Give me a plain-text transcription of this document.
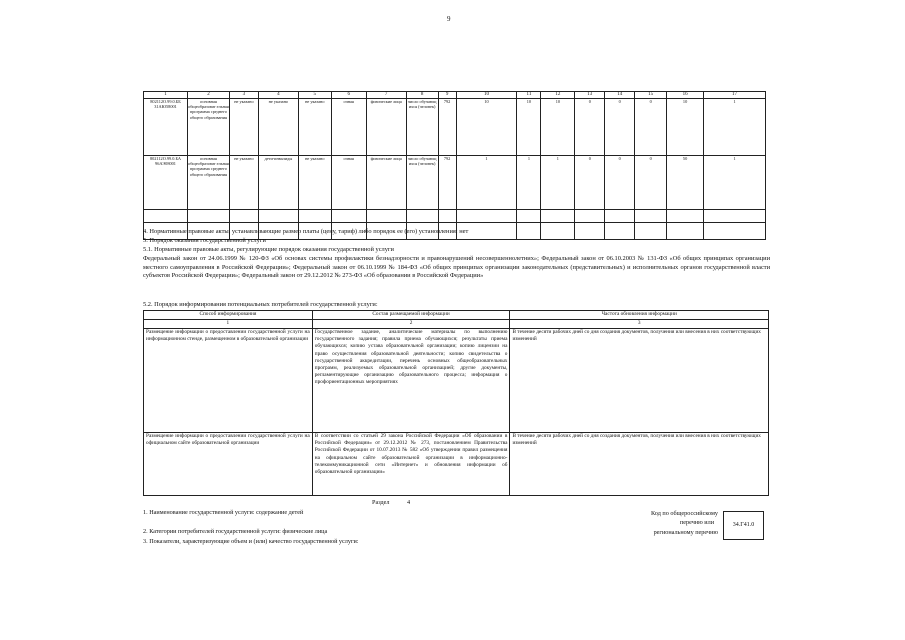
9
1	2	3	4	5	6	7	8	9	10	11	12	13	14	15	16	17
802112О.99.0.ББ 31АЮ58001	основная общеобразоват ельная программа среднего общего образования	не указано	не указано	не указано	очная	физические лица	число обучающ ихся (человек)	792	10	10	10	0	0	0	10	1
802112О.99.0.БА 96АЭ08001	основная общеобразоват ельная программа среднего общего образования	не указано	дети-инвалиды	не указано	очная	физические лица	число обучающ ихся (человек)	792	1	1	1	0	0	0	50	1

4. Нормативные правовые акты, устанавливающие размер платы (цену, тариф) либо порядок ее (его) установления: нет
5. Порядок оказания государственной услуги
5.1. Нормативные правовые акты, регулирующие порядок оказания государственной услуги
Федеральный закон от 24.06.1999 № 120-ФЗ «Об основах системы профилактики безнадзорности и правонарушений несовершеннолетних»; Федеральный закон от 06.10.2003 № 131-ФЗ «Об общих принципах организации местного самоуправления в Российской Федерации»; Федеральный закон от 06.10.1999 № 184-ФЗ «Об общих принципах организации законодательных (представительных) и исполнительных органов государственной власти субъектов Российской Федерации»; Федеральный закон от 29.12.2012 № 273-ФЗ «Об образовании в Российской Федерации»
5.2. Порядок информирования потенциальных потребителей государственной услуги:
Способ информирования	Состав размещаемой информации	Частота обновления информации
1	2	3
Размещение информации о предоставлении государственной услуги на информационном стенде, размещенном в образовательной организации	Государственное задание, аналитические материалы по выполнению государственного задания; правила приема обучающихся; результаты приема обучающихся; копию устава образовательной организации; копию лицензии на право осуществления образовательной деятельности; копию свидетельства о государственной аккредитации, перечень основных общеобразовательных программ, реализуемых образовательной организацией; другие документы, регламентирующие организацию образовательного процесса; информация о профориентационных мероприятиях	В течение десяти рабочих дней со дня создания документов, получения или внесения в них соответствующих изменений
Размещение информации о предоставлении государственной услуги на официальном сайте образовательной организации	В соответствии со статьей 29 закона Российской Федерации «Об образовании в Российской Федерации» от 29.12.2012 № 273, постановлением Правительства Российской Федерации от 10.07.2013 № 582 «Об утверждении правил размещения на официальном сайте образовательной организации в информационно-телекоммуникационной сети «Интернет» и обновления информации об образовательной организации»	В течение десяти рабочих дней со дня создания документов, получения или внесения в них соответствующих изменений
Раздел	4
1. Наименование государственной услуги: содержание детей
2. Категории потребителей государственной услуги: физические лица
3. Показатели, характеризующие объем и (или) качество государственной услуги:
Код по общероссийскому
перечню или
региональному перечню
34.Г41.0
